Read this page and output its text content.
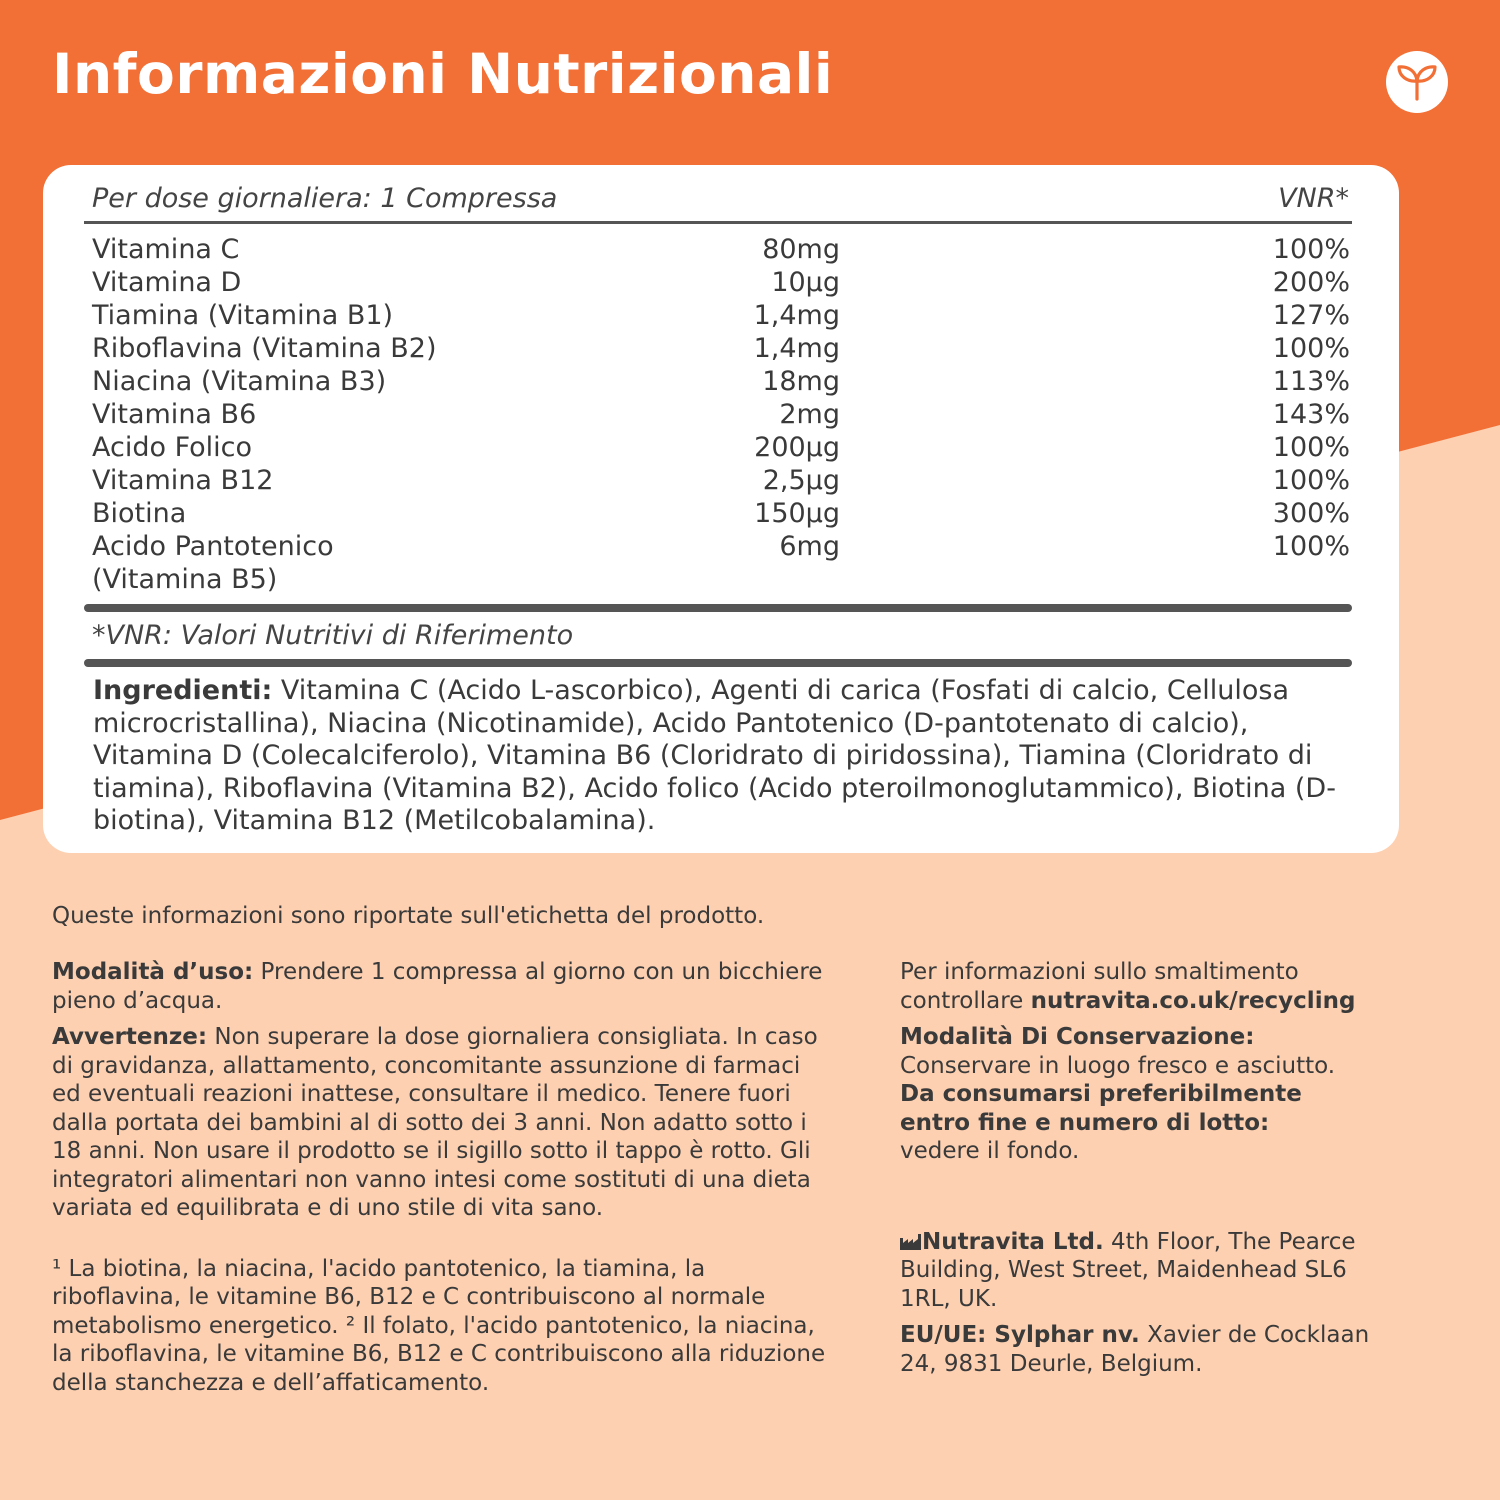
Informazioni Nutrizionali
Per dose giornaliera: 1 Compressa	VNR*
Vitamina C	80mg	100%
Vitamina D	10µg	200%
Tiamina (Vitamina B1)	1,4mg	127%
Riboflavina (Vitamina B2)	1,4mg	100%
Niacina (Vitamina B3)	18mg	113%
Vitamina B6	2mg	143%
Acido Folico	200µg	100%
Vitamina B12	2,5µg	100%
Biotina	150µg	300%
Acido Pantotenico
(Vitamina B5)
6mg	100%
*VNR: Valori Nutritivi di Riferimento

Ingredienti: Vitamina C (Acido L-ascorbico), Agenti di carica (Fosfati di calcio, Cellulosa microcristallina), Niacina (Nicotinamide), Acido Pantotenico (D-pantotenato di calcio), Vitamina D (Colecalciferolo), Vitamina B6 (Cloridrato di piridossina), Tiamina (Cloridrato di tiamina), Riboflavina (Vitamina B2), Acido folico (Acido pteroilmonoglutammico), Biotina (D-biotina), Vitamina B12 (Metilcobalamina).

Queste informazioni sono riportate sull'etichetta del prodotto.

Modalità d’uso: Prendere 1 compressa al giorno con un bicchiere pieno d’acqua.

Avvertenze: Non superare la dose giornaliera consigliata. In caso di gravidanza, allattamento, concomitante assunzione di farmaci ed eventuali reazioni inattese, consultare il medico. Tenere fuori dalla portata dei bambini al di sotto dei 3 anni. Non adatto sotto i 18 anni. Non usare il prodotto se il sigillo sotto il tappo è rotto. Gli integratori alimentari non vanno intesi come sostituti di una dieta variata ed equilibrata e di uno stile di vita sano.

¹ La biotina, la niacina, l'acido pantotenico, la tiamina, la riboflavina, le vitamine B6, B12 e C contribuiscono al normale metabolismo energetico. ² Il folato, l'acido pantotenico, la niacina, la riboflavina, le vitamine B6, B12 e C contribuiscono alla riduzione della stanchezza e dell’affaticamento.

Per informazioni sullo smaltimento controllare nutravita.co.uk/recycling

Modalità Di Conservazione:
Conservare in luogo fresco e asciutto.
Da consumarsi preferibilmente entro fine e numero di lotto:
vedere il fondo.

Nutravita Ltd. 4th Floor, The Pearce Building, West Street, Maidenhead SL6 1RL, UK.

EU/UE: Sylphar nv. Xavier de Cocklaan 24, 9831 Deurle, Belgium.
